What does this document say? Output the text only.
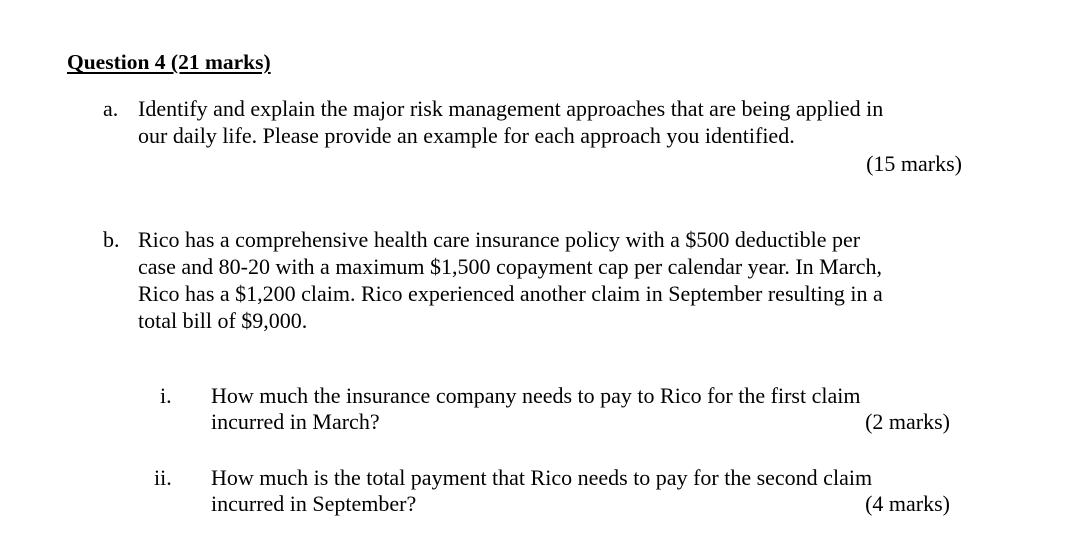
Question 4 (21 marks)
a. Identify and explain the major risk management approaches that are being applied in
our daily life. Please provide an example for each approach you identified.
(15 marks)
b. Rico has a comprehensive health care insurance policy with a $500 deductible per
case and 80-20 with a maximum $1,500 copayment cap per calendar year. In March,
Rico has a $1,200 claim. Rico experienced another claim in September resulting in a
total bill of $9,000.
i. How much the insurance company needs to pay to Rico for the first claim
incurred in March?	(2 marks)
ii. How much is the total payment that Rico needs to pay for the second claim
incurred in September?	(4 marks)
